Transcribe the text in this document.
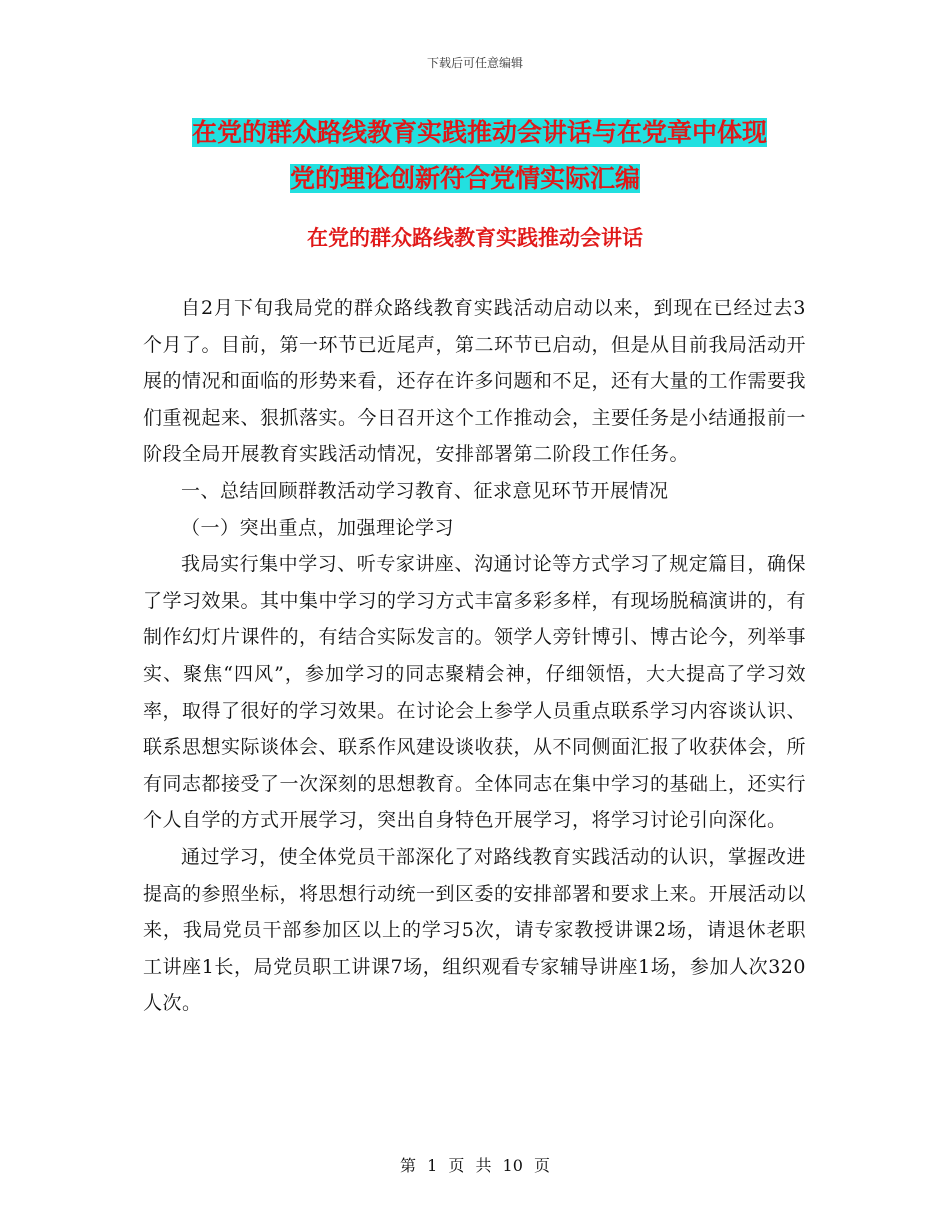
下载后可任意编辑
在党的群众路线教育实践推动会讲话与在党章中体现
党的理论创新符合党情实际汇编
在党的群众路线教育实践推动会讲话

自2月下旬我局党的群众路线教育实践活动启动以来，到现在已经过去3个月了。目前，第一环节已近尾声，第二环节已启动，但是从目前我局活动开展的情况和面临的形势来看，还存在许多问题和不足，还有大量的工作需要我们重视起来、狠抓落实。今日召开这个工作推动会，主要任务是小结通报前一阶段全局开展教育实践活动情况，安排部署第二阶段工作任务。

一、总结回顾群教活动学习教育、征求意见环节开展情况

（一）突出重点，加强理论学习

我局实行集中学习、听专家讲座、沟通讨论等方式学习了规定篇目，确保了学习效果。其中集中学习的学习方式丰富多彩多样，有现场脱稿演讲的，有制作幻灯片课件的，有结合实际发言的。领学人旁针博引、博古论今，列举事实、聚焦“四风”，参加学习的同志聚精会神，仔细领悟，大大提高了学习效率，取得了很好的学习效果。在讨论会上参学人员重点联系学习内容谈认识、联系思想实际谈体会、联系作风建设谈收获，从不同侧面汇报了收获体会，所有同志都接受了一次深刻的思想教育。全体同志在集中学习的基础上，还实行个人自学的方式开展学习，突出自身特色开展学习，将学习讨论引向深化。

通过学习，使全体党员干部深化了对路线教育实践活动的认识，掌握改进提高的参照坐标，将思想行动统一到区委的安排部署和要求上来。开展活动以来，我局党员干部参加区以上的学习5次，请专家教授讲课2场，请退休老职工讲座1长，局党员职工讲课7场，组织观看专家辅导讲座1场，参加人次320人次。

第 1 页 共 10 页
